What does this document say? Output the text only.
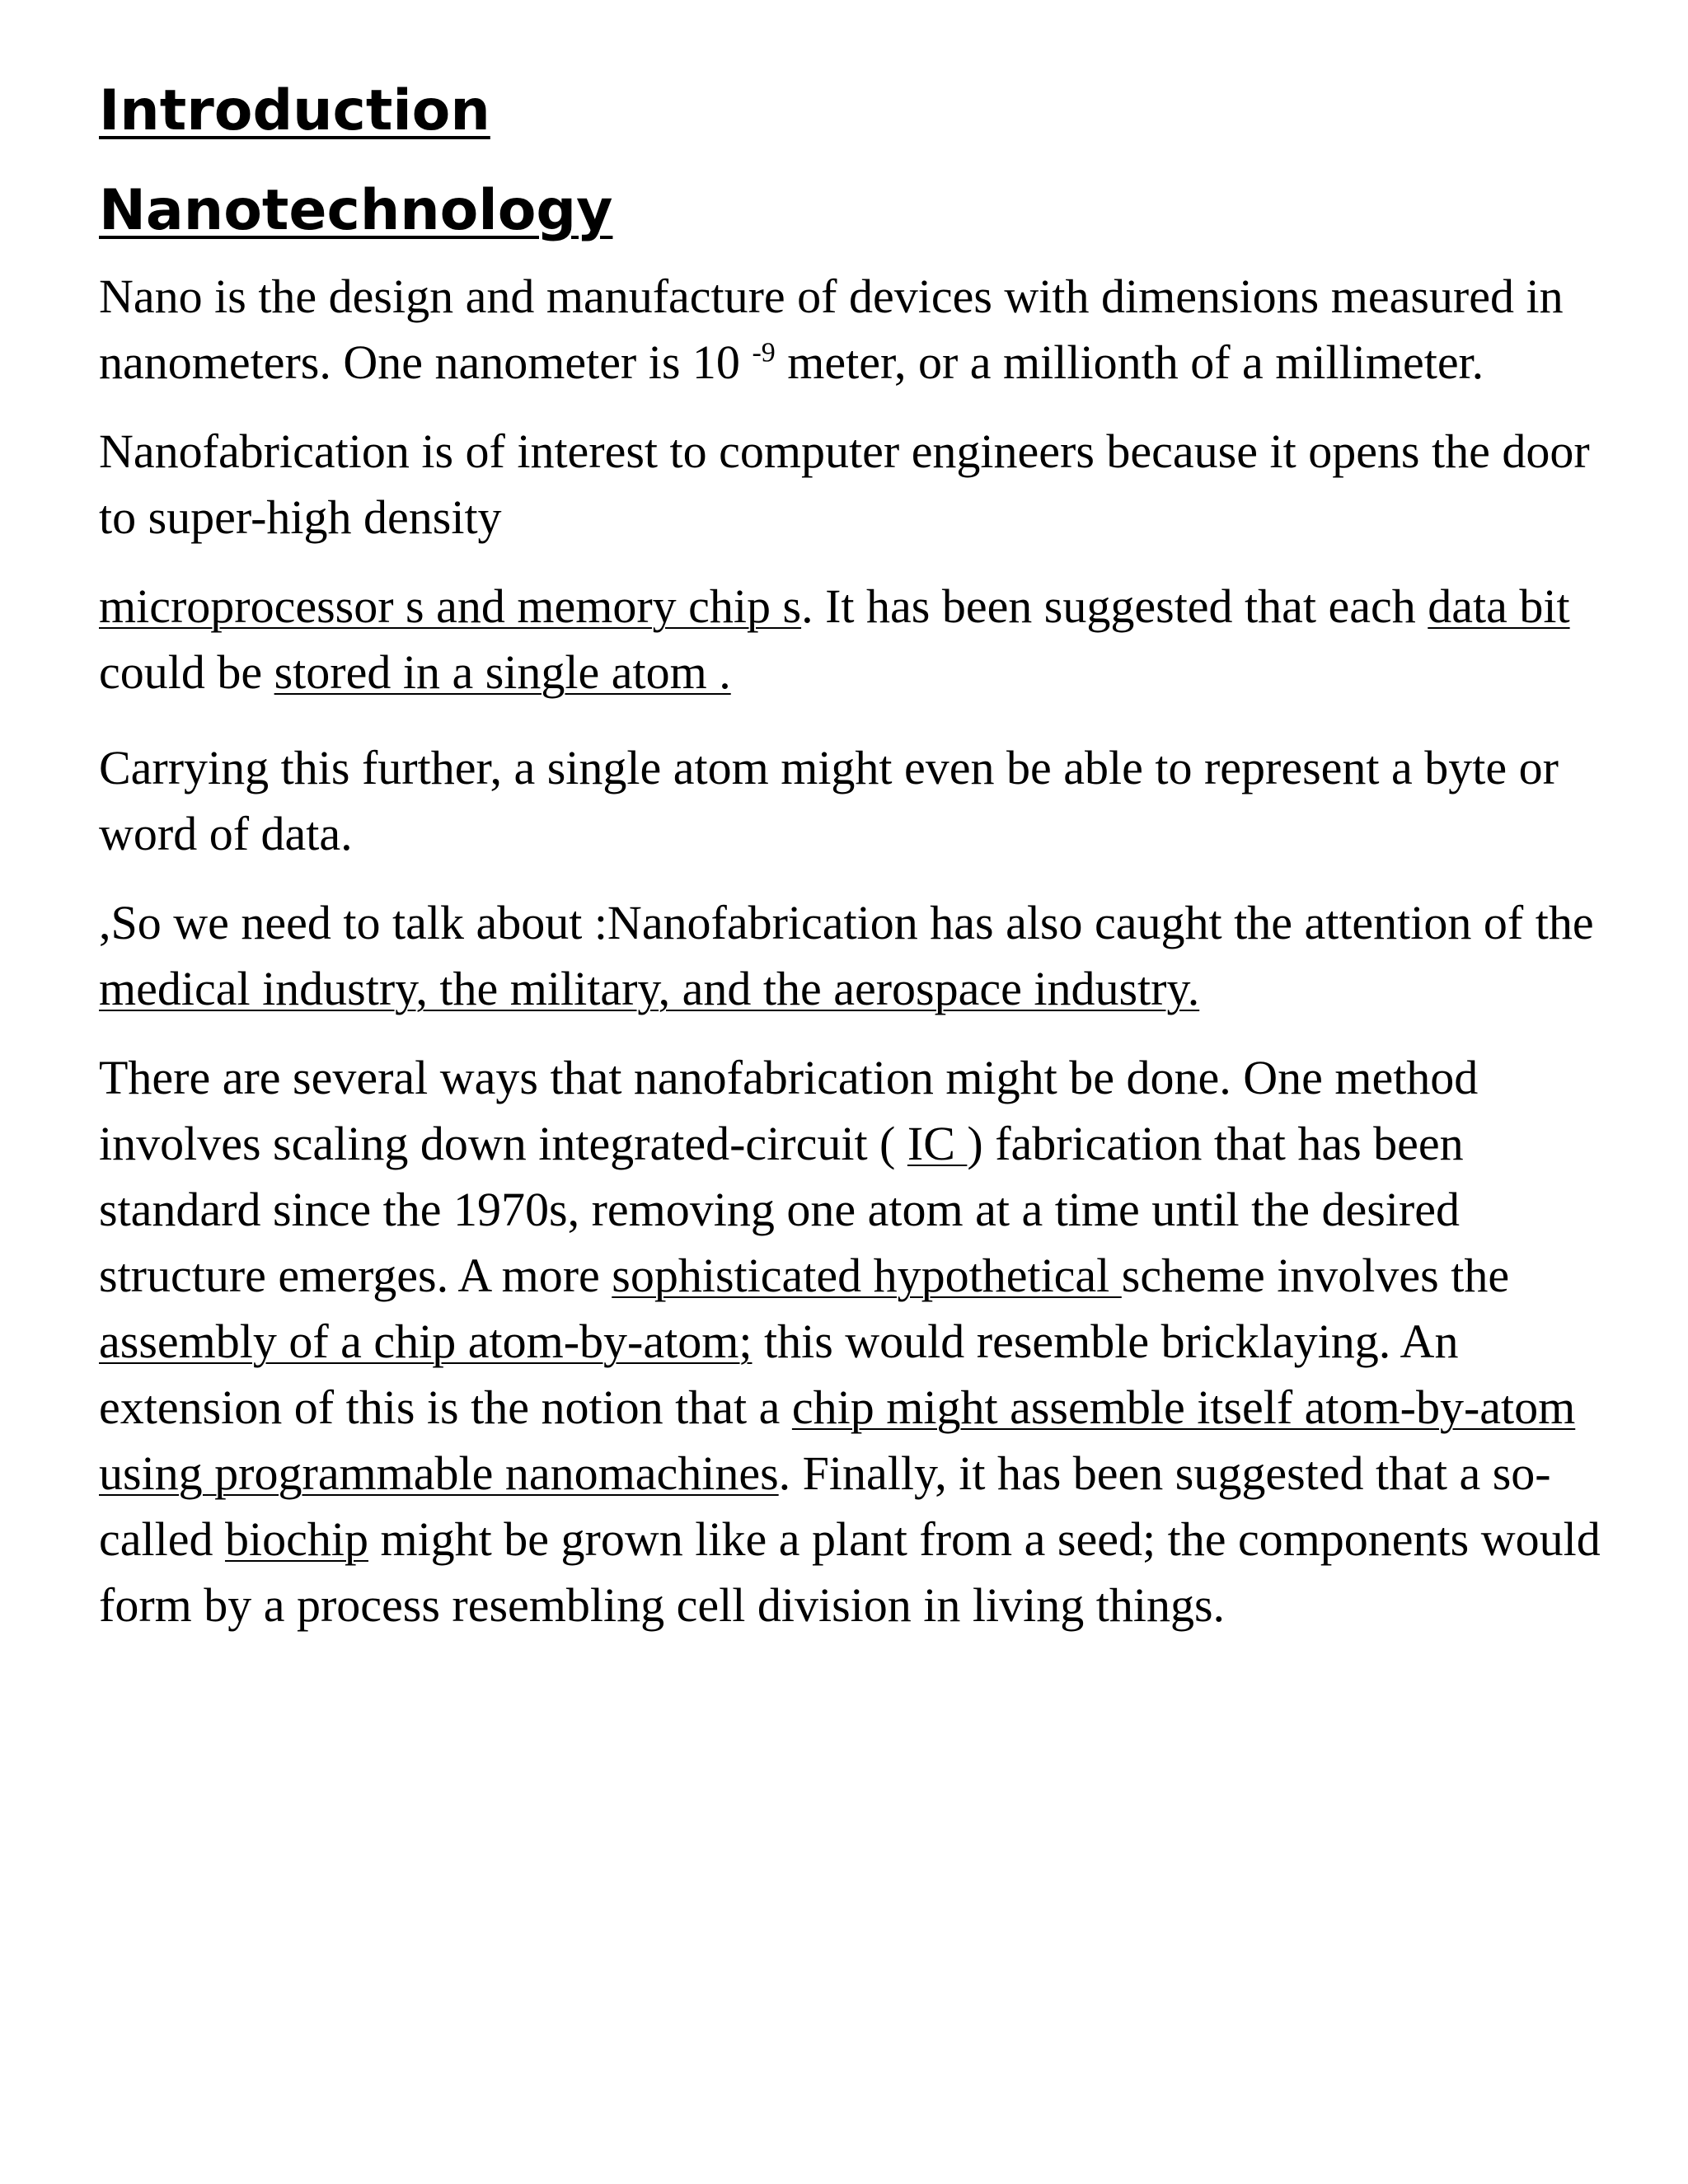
Introduction
Nanotechnology

Nano is the design and manufacture of devices with dimensions measured in nanometers. One nanometer is 10 $^{-9}$ meter, or a millionth of a millimeter.

Nanofabrication is of interest to computer engineers because it opens the door to super-high density

microprocessor s and memory chip s. It has been suggested that each data bit could be stored in a single atom .

Carrying this further, a single atom might even be able to represent a byte or word of data.

,So we need to talk about :Nanofabrication has also caught the attention of the medical industry, the military, and the aerospace industry.

There are several ways that nanofabrication might be done. One method involves scaling down integrated-circuit ( IC ) fabrication that has been standard since the 1970s, removing one atom at a time until the desired structure emerges. A more sophisticated hypothetical scheme involves the assembly of a chip atom-by-atom; this would resemble bricklaying. An extension of this is the notion that a chip might assemble itself atom-by-atom using programmable nanomachines. Finally, it has been suggested that a so-called biochip might be grown like a plant from a seed; the components would form by a process resembling cell division in living things.
